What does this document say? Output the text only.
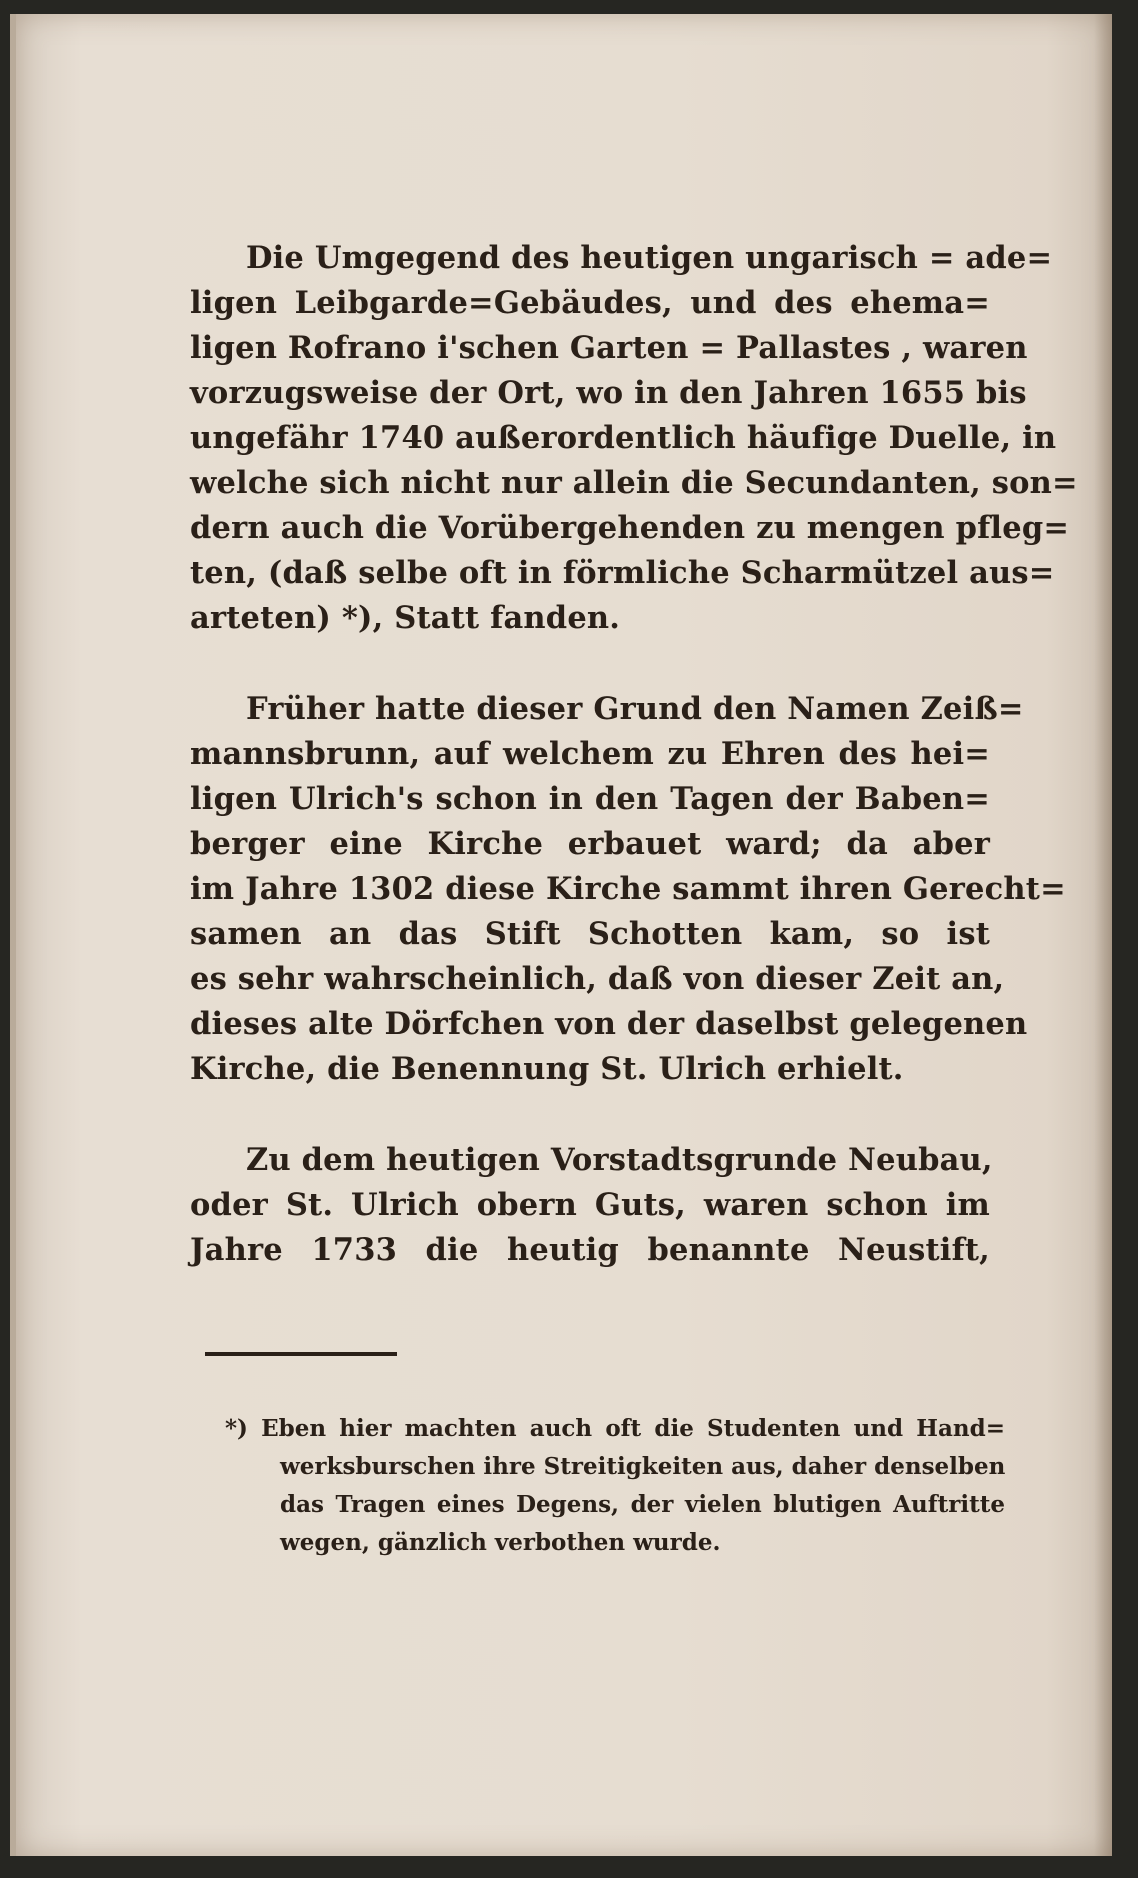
Die Umgegend des heutigen ungarisch = ade=
ligen Leibgarde=Gebäudes, und des ehema=
ligen Rofrano i'schen Garten = Pallastes , waren
vorzugsweise der Ort, wo in den Jahren 1655 bis
ungefähr 1740 außerordentlich häufige Duelle, in
welche sich nicht nur allein die Secundanten, son=
dern auch die Vorübergehenden zu mengen pfleg=
ten, (daß selbe oft in förmliche Scharmützel aus=
arteten) *), Statt fanden.
Früher hatte dieser Grund den Namen Zeiß=
mannsbrunn, auf welchem zu Ehren des hei=
ligen Ulrich's schon in den Tagen der Baben=
berger eine Kirche erbauet ward; da aber
im Jahre 1302 diese Kirche sammt ihren Gerecht=
samen an das Stift Schotten kam, so ist
es sehr wahrscheinlich, daß von dieser Zeit an,
dieses alte Dörfchen von der daselbst gelegenen
Kirche, die Benennung St. Ulrich erhielt.
Zu dem heutigen Vorstadtsgrunde Neubau,
oder St. Ulrich obern Guts, waren schon im
Jahre 1733 die heutig benannte Neustift,
*) Eben hier machten auch oft die Studenten und Hand=
werksburschen ihre Streitigkeiten aus, daher denselben
das Tragen eines Degens, der vielen blutigen Auftritte
wegen, gänzlich verbothen wurde.
